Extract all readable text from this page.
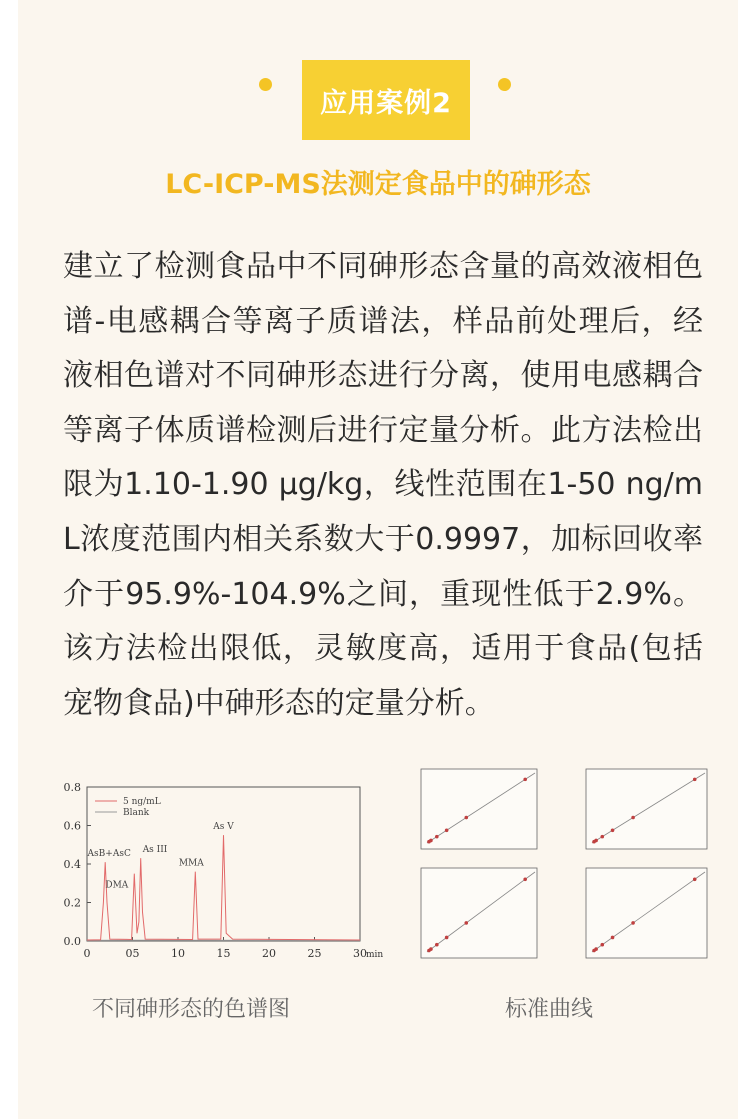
应用案例2
LC-ICP-MS法测定食品中的砷形态
建立了检测食品中不同砷形态含量的高效液相色谱-电感耦合等离子质谱法，样品前处理后，经液相色谱对不同砷形态进行分离，使用电感耦合等离子体质谱检测后进行定量分析。此方法检出限为1.10-1.90 μg/kg，线性范围在1-50 ng/mL浓度范围内相关系数大于0.9997，加标回收率介于95.9%-104.9%之间，重现性低于2.9%。该方法检出限低，灵敏度高，适用于食品(包括宠物食品)中砷形态的定量分析。
0.0
0.2
0.4
0.6
0.8
0	05	10	15	20	25	30 min
AsB+AsC
DMA
As III
MMA
As V
5 ng/mL
Blank
不同砷形态的色谱图	标准曲线
